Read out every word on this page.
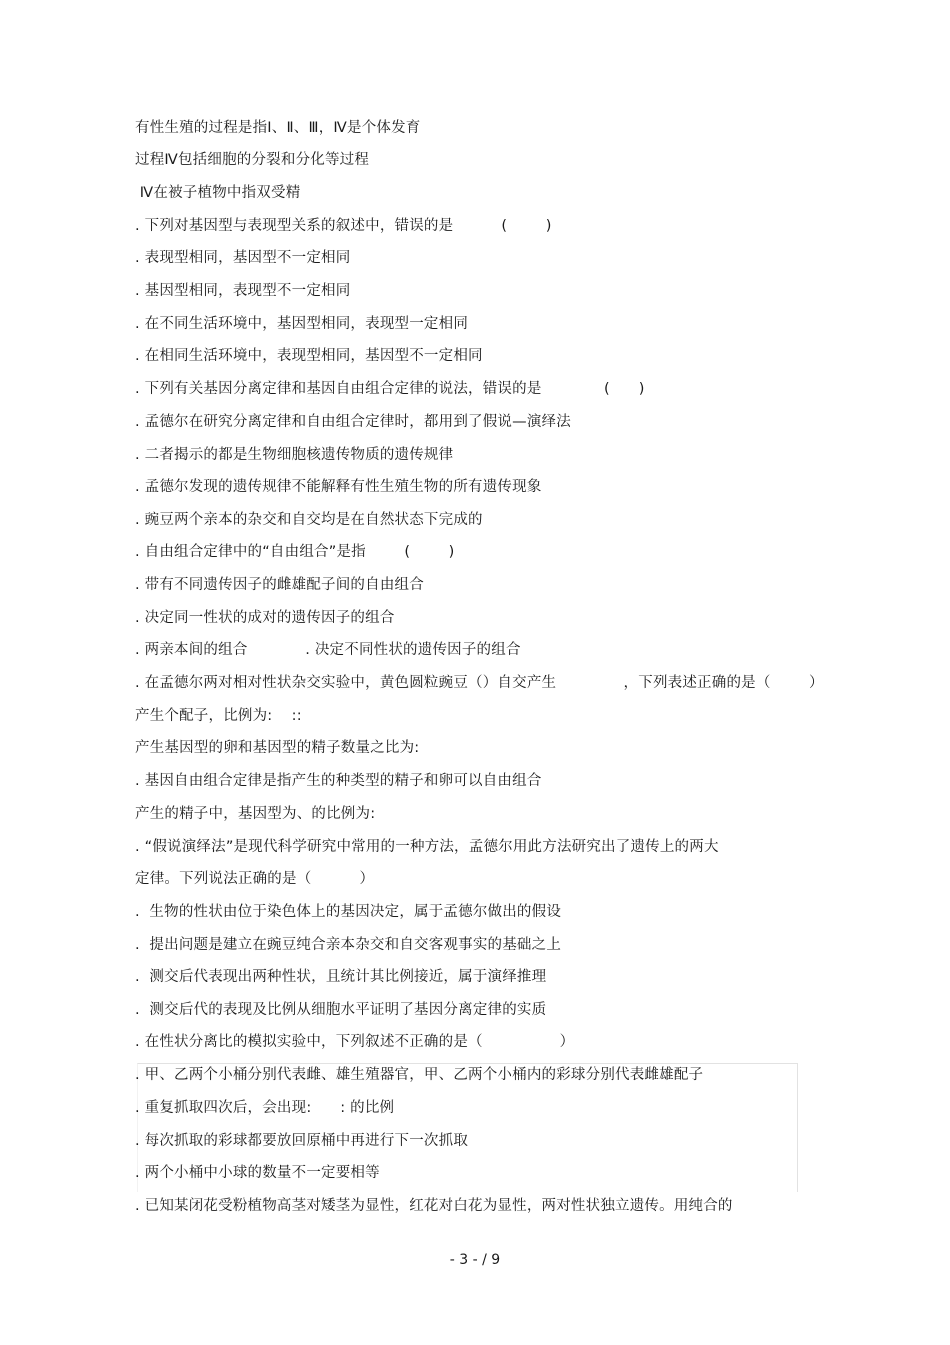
有性生殖的过程是指Ⅰ、Ⅱ、Ⅲ，Ⅳ是个体发育
过程Ⅳ包括细胞的分裂和分化等过程
Ⅳ在被子植物中指双受精
. 下列对基因型与表现型关系的叙述中，错误的是          (        )
. 表现型相同，基因型不一定相同
. 基因型相同，表现型不一定相同
. 在不同生活环境中，基因型相同，表现型一定相同
. 在相同生活环境中，表现型相同，基因型不一定相同
. 下列有关基因分离定律和基因自由组合定律的说法，错误的是             (      )
. 孟德尔在研究分离定律和自由组合定律时，都用到了假说—演绎法
. 二者揭示的都是生物细胞核遗传物质的遗传规律
. 孟德尔发现的遗传规律不能解释有性生殖生物的所有遗传现象
. 豌豆两个亲本的杂交和自交均是在自然状态下完成的
. 自由组合定律中的“自由组合”是指        (        )
. 带有不同遗传因子的雌雄配子间的自由组合
. 决定同一性状的成对的遗传因子的组合
. 两亲本间的组合            . 决定不同性状的遗传因子的组合
. 在孟德尔两对相对性状杂交实验中，黄色圆粒豌豆（）自交产生              ，下列表述正确的是（        ）
产生个配子，比例为:    ::
产生基因型的卵和基因型的精子数量之比为:
. 基因自由组合定律是指产生的种类型的精子和卵可以自由组合
产生的精子中，基因型为、的比例为:
. “假说演绎法”是现代科学研究中常用的一种方法，孟德尔用此方法研究出了遗传上的两大
定律。下列说法正确的是（          ）
.  生物的性状由位于染色体上的基因决定，属于孟德尔做出的假设
.  提出问题是建立在豌豆纯合亲本杂交和自交客观事实的基础之上
.  测交后代表现出两种性状，且统计其比例接近，属于演绎推理
.  测交后代的表现及比例从细胞水平证明了基因分离定律的实质
. 在性状分离比的模拟实验中，下列叙述不正确的是（                ）
. 甲、乙两个小桶分别代表雌、雄生殖器官，甲、乙两个小桶内的彩球分别代表雌雄配子
. 重复抓取四次后，会出现:      : 的比例
. 每次抓取的彩球都要放回原桶中再进行下一次抓取
. 两个小桶中小球的数量不一定要相等
. 已知某闭花受粉植物高茎对矮茎为显性，红花对白花为显性，两对性状独立遗传。用纯合的
- 3 - / 9
